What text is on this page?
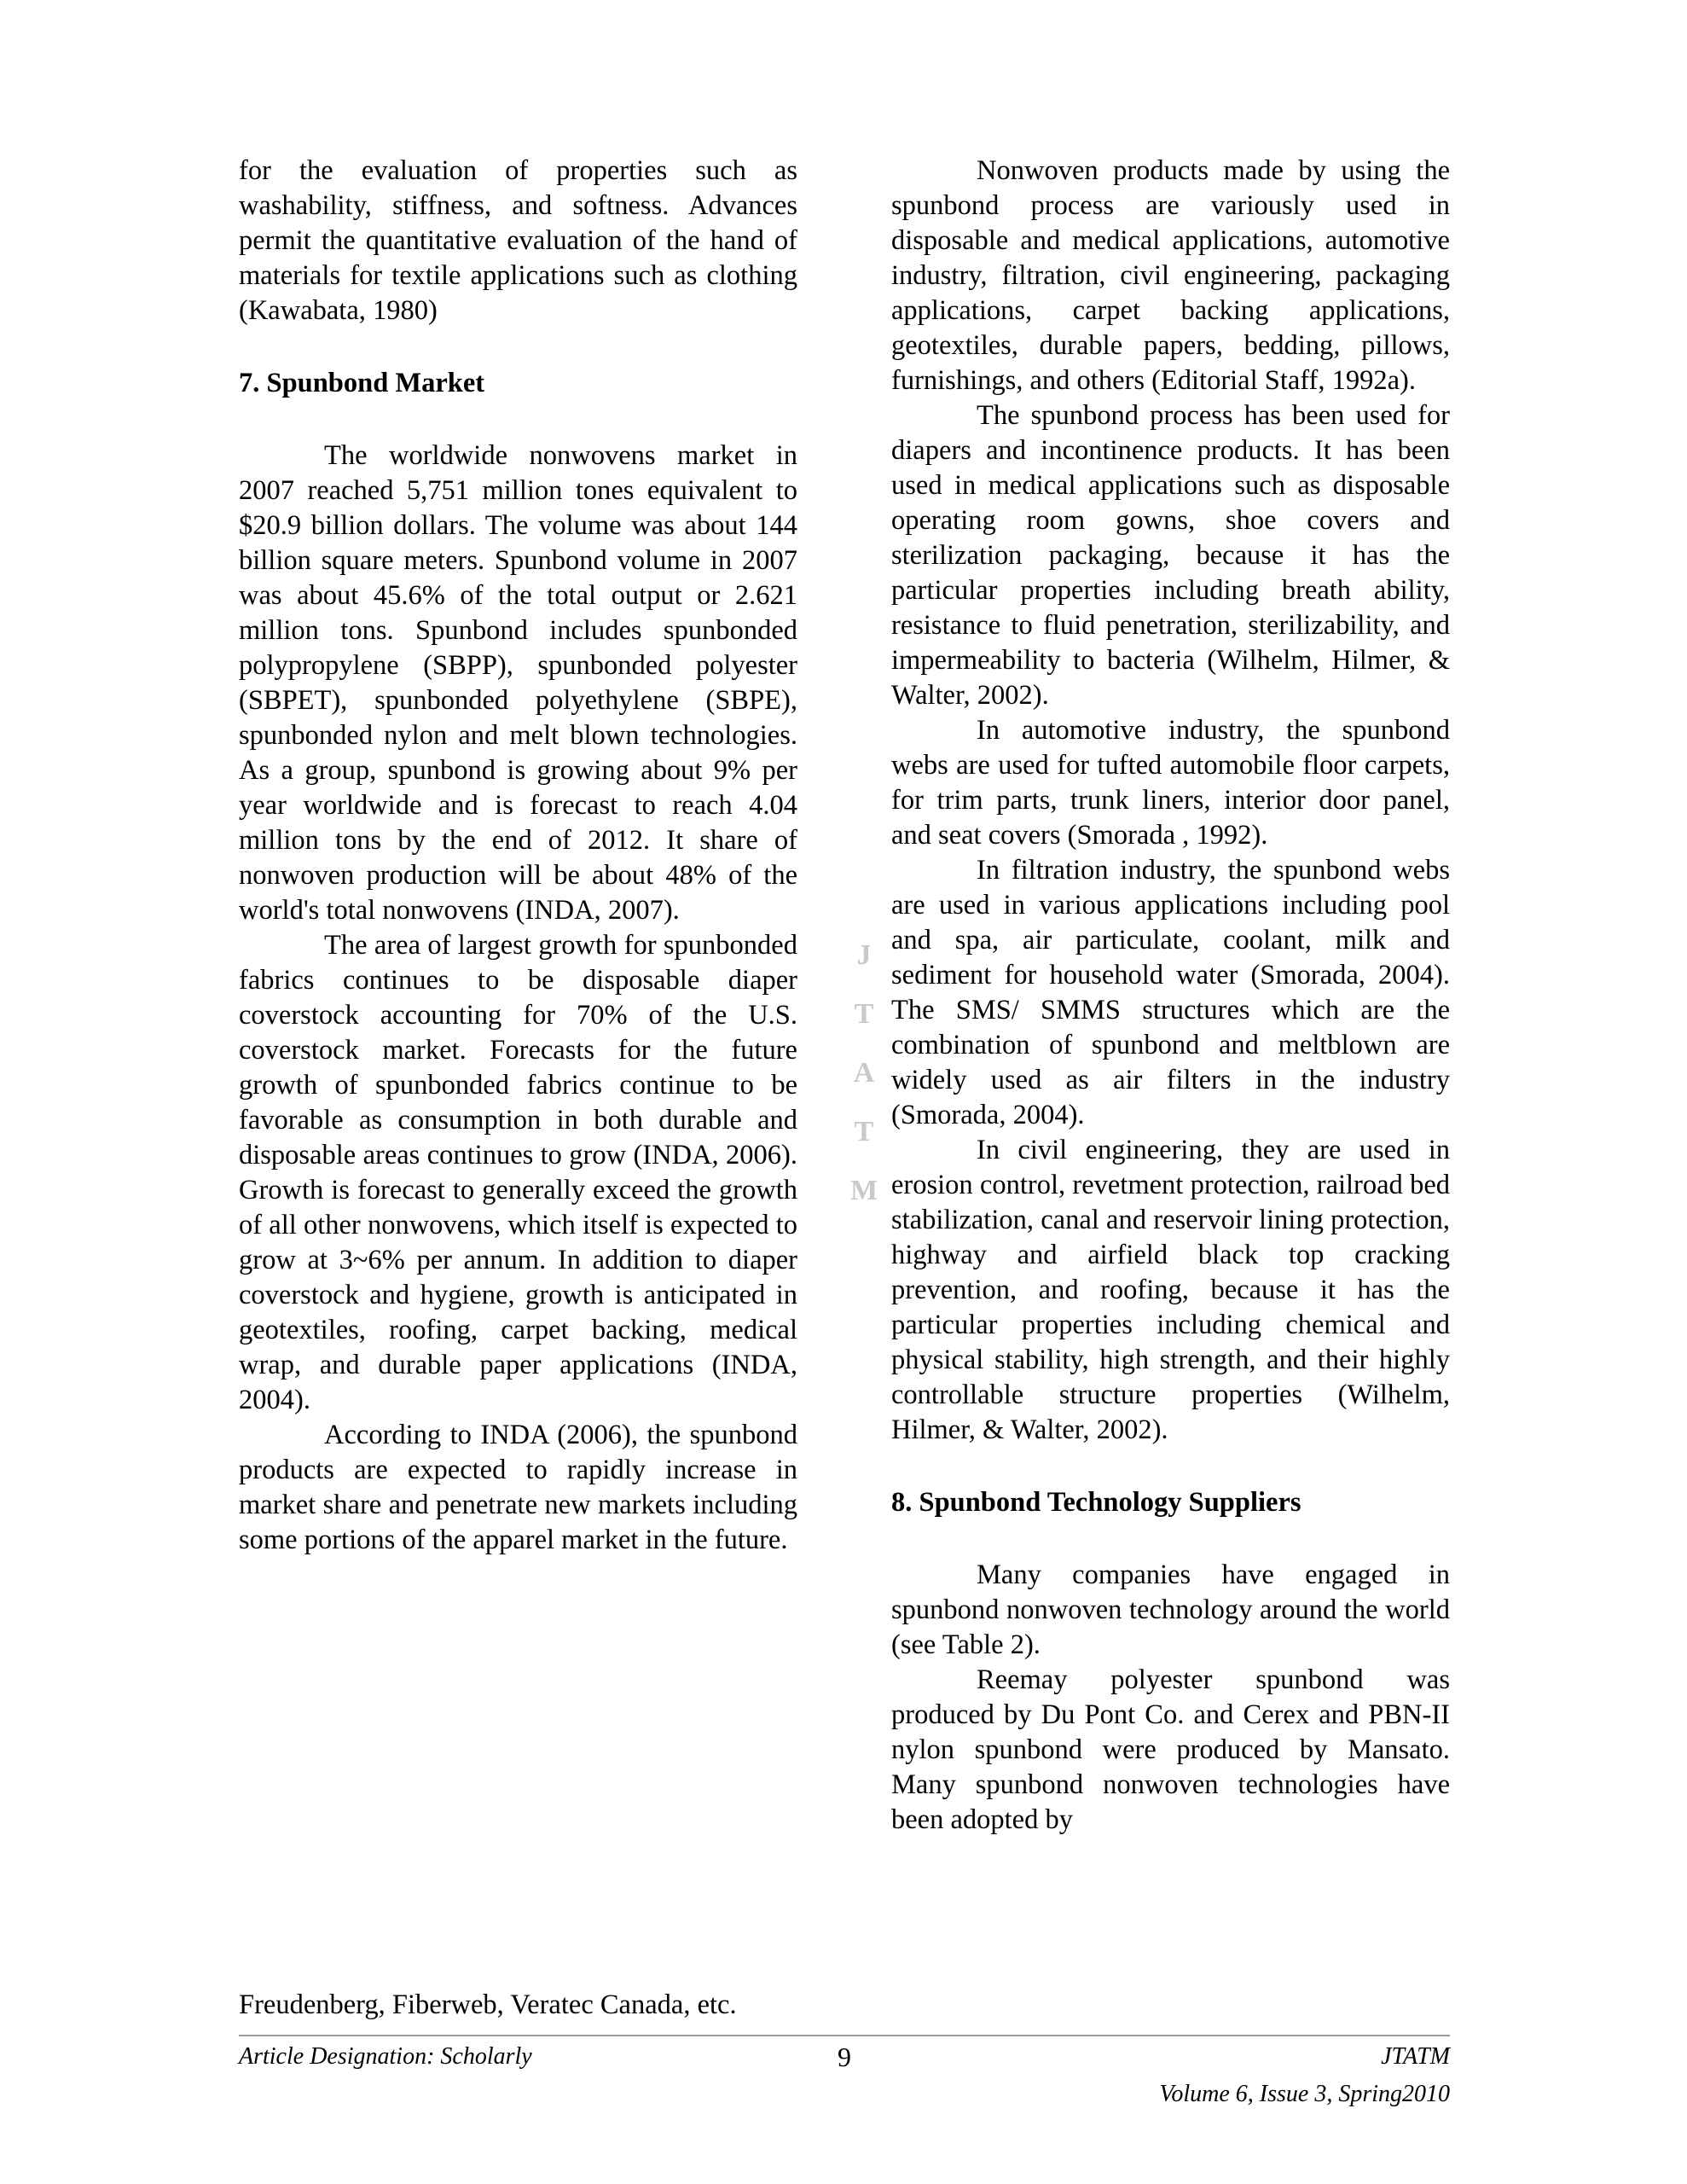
for the evaluation of properties such as washability, stiffness, and softness. Advances permit the quantitative evaluation of the hand of materials for textile applications such as clothing (Kawabata, 1980)

7. Spunbond Market

The worldwide nonwovens market in 2007 reached 5,751 million tones equivalent to $20.9 billion dollars. The volume was about 144 billion square meters. Spunbond volume in 2007 was about 45.6% of the total output or 2.621 million tons. Spunbond includes spunbonded polypropylene (SBPP), spunbonded polyester (SBPET), spunbonded polyethylene (SBPE), spunbonded nylon and melt blown technologies. As a group, spunbond is growing about 9% per year worldwide and is forecast to reach 4.04 million tons by the end of 2012. It share of nonwoven production will be about 48% of the world's total nonwovens (INDA, 2007).

The area of largest growth for spunbonded fabrics continues to be disposable diaper coverstock accounting for 70% of the U.S. coverstock market. Forecasts for the future growth of spunbonded fabrics continue to be favorable as consumption in both durable and disposable areas continues to grow (INDA, 2006). Growth is forecast to generally exceed the growth of all other nonwovens, which itself is expected to grow at 3~6% per annum. In addition to diaper coverstock and hygiene, growth is anticipated in geotextiles, roofing, carpet backing, medical wrap, and durable paper applications (INDA, 2004).

According to INDA (2006), the spunbond products are expected to rapidly increase in market share and penetrate new markets including some portions of the apparel market in the future.

Nonwoven products made by using the spunbond process are variously used in disposable and medical applications, automotive industry, filtration, civil engineering, packaging applications, carpet backing applications, geotextiles, durable papers, bedding, pillows, furnishings, and others (Editorial Staff, 1992a).

The spunbond process has been used for diapers and incontinence products. It has been used in medical applications such as disposable operating room gowns, shoe covers and sterilization packaging, because it has the particular properties including breath ability, resistance to fluid penetration, sterilizability, and impermeability to bacteria (Wilhelm, Hilmer, & Walter, 2002).

In automotive industry, the spunbond webs are used for tufted automobile floor carpets, for trim parts, trunk liners, interior door panel, and seat covers (Smorada , 1992).

In filtration industry, the spunbond webs are used in various applications including pool and spa, air particulate, coolant, milk and sediment for household water (Smorada, 2004). The SMS/ SMMS structures which are the combination of spunbond and meltblown are widely used as air filters in the industry (Smorada, 2004).

In civil engineering, they are used in erosion control, revetment protection, railroad bed stabilization, canal and reservoir lining protection, highway and airfield black top cracking prevention, and roofing, because it has the particular properties including chemical and physical stability, high strength, and their highly controllable structure properties (Wilhelm, Hilmer, & Walter, 2002).

8. Spunbond Technology Suppliers

Many companies have engaged in spunbond nonwoven technology around the world (see Table 2).

Reemay polyester spunbond was produced by Du Pont Co. and Cerex and PBN-II nylon spunbond were produced by Mansato. Many spunbond nonwoven technologies have been adopted by

J
T
A
T
M
Freudenberg, Fiberweb, Veratec Canada, etc.
Article Designation: Scholarly	9	JTATM
Volume 6, Issue 3, Spring2010
